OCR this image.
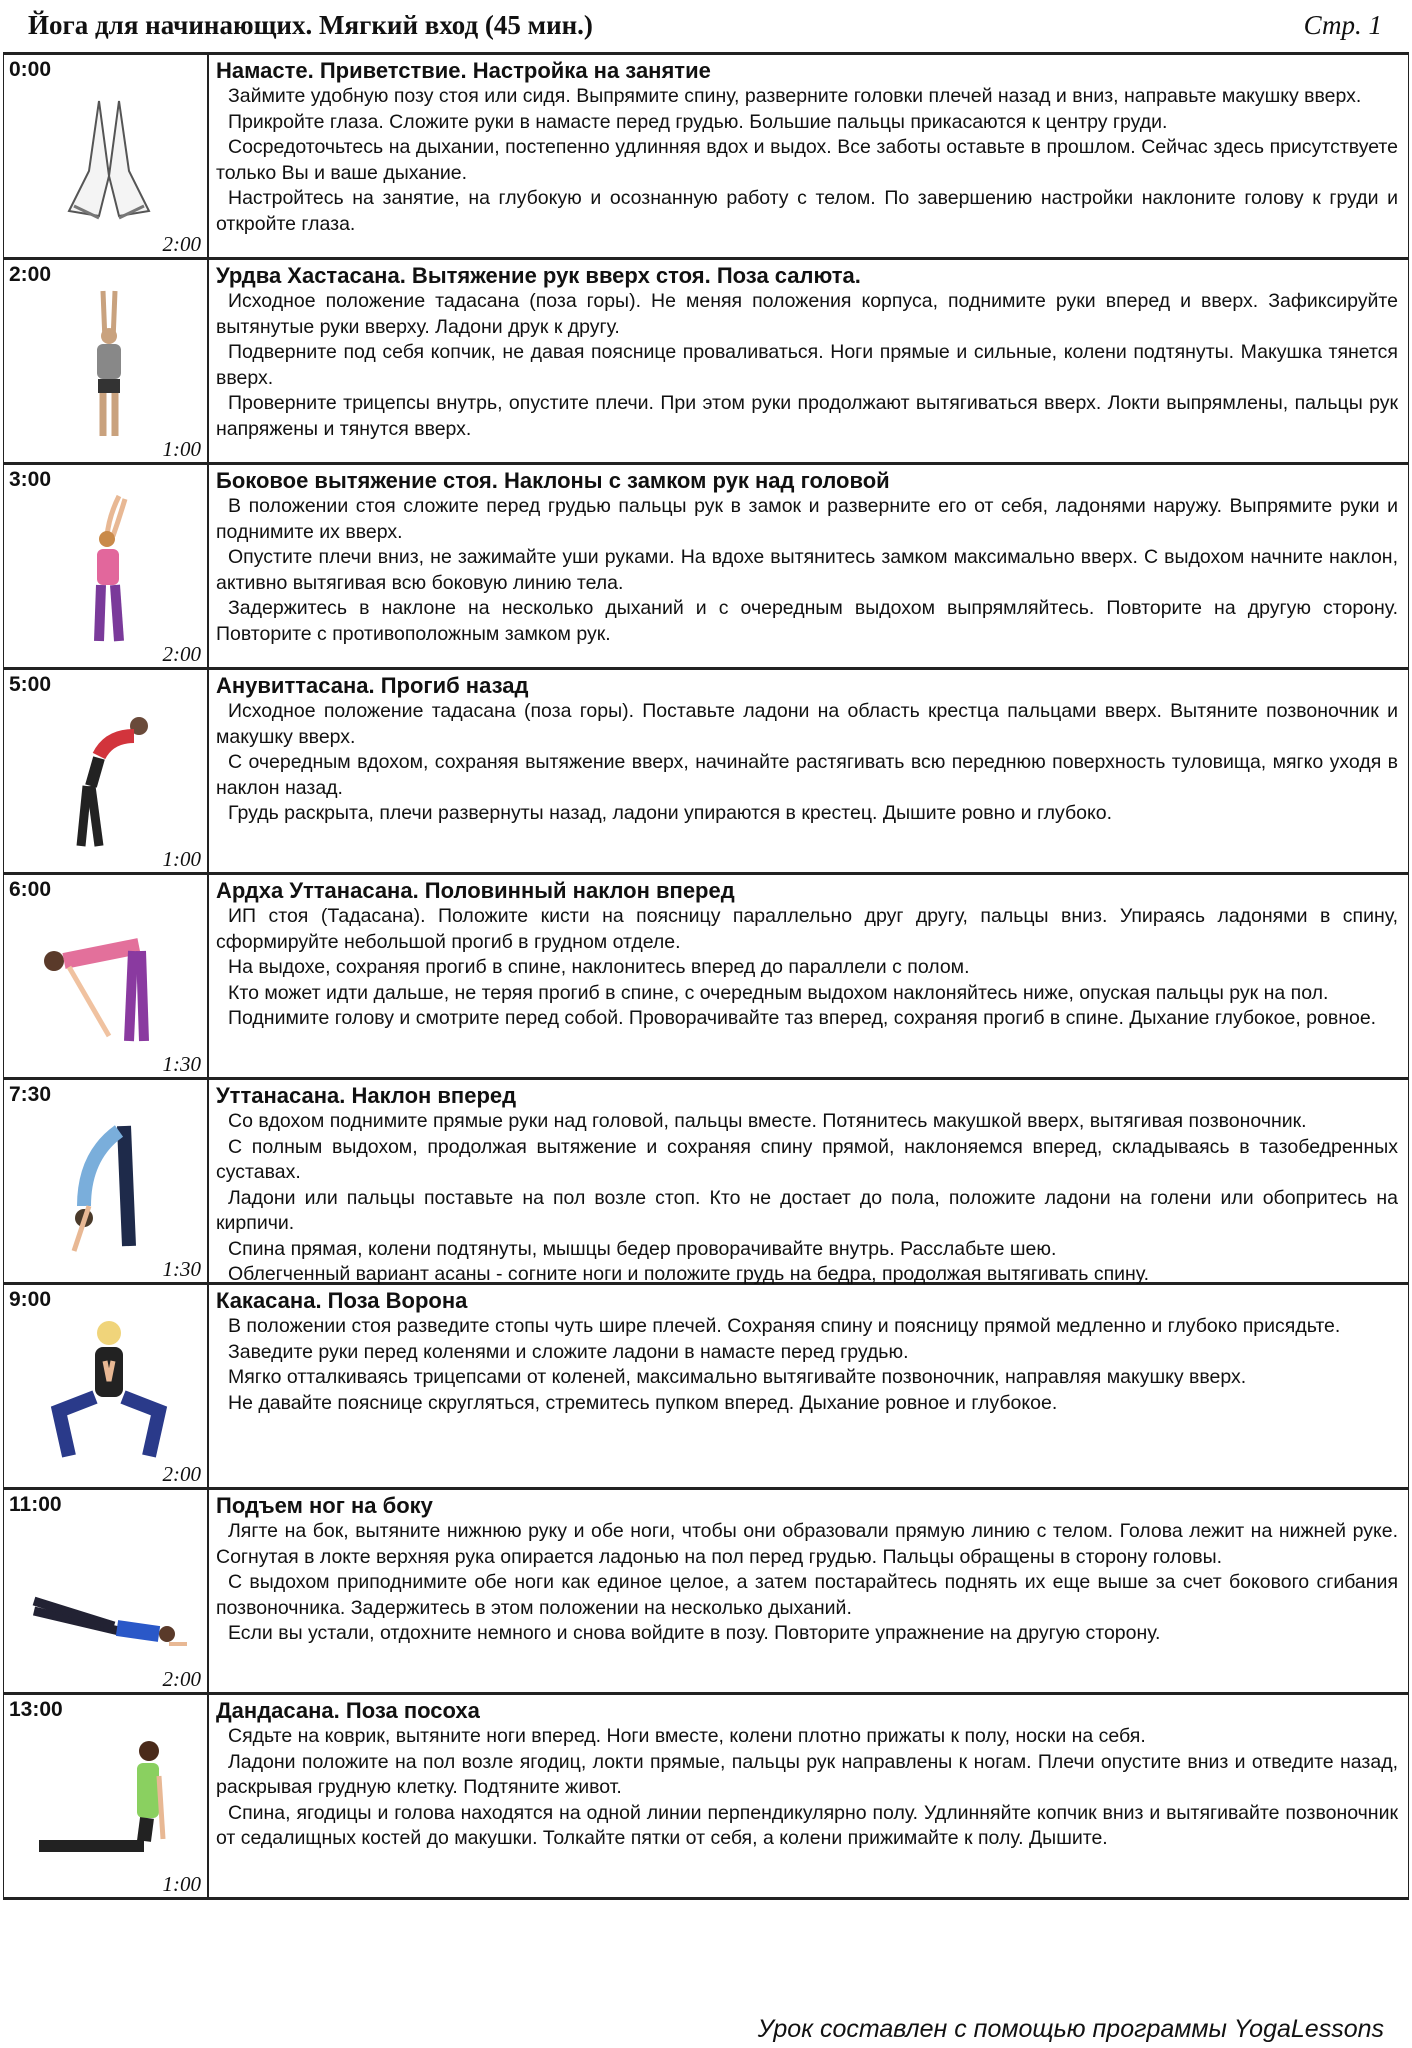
Йога для начинающих. Мягкий вход (45 мин.)	Стр. 1
0:00
2:00
Намасте. Приветствие. Настройка на занятие

Займите удобную позу стоя или сидя. Выпрямите спину, разверните головки плечей назад и вниз, направьте макушку вверх.

Прикройте глаза. Сложите руки в намасте перед грудью. Большие пальцы прикасаются к центру груди.

Сосредоточьтесь на дыхании, постепенно удлинняя вдох и выдох. Все заботы оставьте в прошлом. Сейчас здесь присутствуете только Вы и ваше дыхание.

Настройтесь на занятие, на глубокую и осознанную работу с телом. По завершению настройки наклоните голову к груди и откройте глаза.

2:00
1:00
Урдва Хастасана. Вытяжение рук вверх стоя. Поза салюта.

Исходное положение тадасана (поза горы). Не меняя положения корпуса, поднимите руки вперед и вверх. Зафиксируйте вытянутые руки вверху. Ладони друк к другу.

Подверните под себя копчик, не давая пояснице проваливаться. Ноги прямые и сильные, колени подтянуты. Макушка тянется вверх.

Проверните трицепсы внутрь, опустите плечи. При этом руки продолжают вытягиваться вверх. Локти выпрямлены, пальцы рук напряжены и тянутся вверх.

3:00
2:00
Боковое вытяжение стоя. Наклоны с замком рук над головой

В положении стоя сложите перед грудью пальцы рук в замок и разверните его от себя, ладонями наружу. Выпрямите руки и поднимите их вверх.

Опустите плечи вниз, не зажимайте уши руками. На вдохе вытянитесь замком максимально вверх. С выдохом начните наклон, активно вытягивая всю боковую линию тела.

Задержитесь в наклоне на несколько дыханий и с очередным выдохом выпрямляйтесь. Повторите на другую сторону. Повторите с противоположным замком рук.

5:00
1:00
Анувиттасана. Прогиб назад

Исходное положение тадасана (поза горы). Поставьте ладони на область крестца пальцами вверх. Вытяните позвоночник и макушку вверх.

С очередным вдохом, сохраняя вытяжение вверх, начинайте растягивать всю переднюю поверхность туловища, мягко уходя в наклон назад.

Грудь раскрыта, плечи развернуты назад, ладони упираются в крестец. Дышите ровно и глубоко.

6:00
1:30
Ардха Уттанасана. Половинный наклон вперед

ИП стоя (Тадасана). Положите кисти на поясницу параллельно друг другу, пальцы вниз. Упираясь ладонями в спину, сформируйте небольшой прогиб в грудном отделе.

На выдохе, сохраняя прогиб в спине, наклонитесь вперед до параллели с полом.

Кто может идти дальше, не теряя прогиб в спине, с очередным выдохом наклоняйтесь ниже, опуская пальцы рук на пол.

Поднимите голову и смотрите перед собой. Проворачивайте таз вперед, сохраняя прогиб в спине. Дыхание глубокое, ровное.

7:30
1:30
Уттанасана. Наклон вперед

Со вдохом поднимите прямые руки над головой, пальцы вместе. Потянитесь макушкой вверх, вытягивая позвоночник.

С полным выдохом, продолжая вытяжение и сохраняя спину прямой, наклоняемся вперед, складываясь в тазобедренных суставах.

Ладони или пальцы поставьте на пол возле стоп. Кто не достает до пола, положите ладони на голени или обопритесь на кирпичи.

Спина прямая, колени подтянуты, мышцы бедер проворачивайте внутрь. Расслабьте шею.

Облегченный вариант асаны - согните ноги и положите грудь на бедра, продолжая вытягивать спину.

9:00
2:00
Какасана. Поза Ворона

В положении стоя разведите стопы чуть шире плечей. Сохраняя спину и поясницу прямой медленно и глубоко присядьте.

Заведите руки перед коленями и сложите ладони в намасте перед грудью.

Мягко отталкиваясь трицепсами от коленей, максимально вытягивайте позвоночник, направляя макушку вверх.

Не давайте пояснице скругляться, стремитесь пупком вперед. Дыхание ровное и глубокое.

11:00
2:00
Подъем ног на боку

Лягте на бок, вытяните нижнюю руку и обе ноги, чтобы они образовали прямую линию с телом. Голова лежит на нижней руке. Согнутая в локте верхняя рука опирается ладонью на пол перед грудью. Пальцы обращены в сторону головы.

С выдохом приподнимите обе ноги как единое целое, а затем постарайтесь поднять их еще выше за счет бокового сгибания позвоночника. Задержитесь в этом положении на несколько дыханий.

Если вы устали, отдохните немного и снова войдите в позу. Повторите упражнение на другую сторону.

13:00
1:00
Дандасана. Поза посоха

Сядьте на коврик, вытяните ноги вперед. Ноги вместе, колени плотно прижаты к полу, носки на себя.

Ладони положите на пол возле ягодиц, локти прямые, пальцы рук направлены к ногам. Плечи опустите вниз и отведите назад, раскрывая грудную клетку. Подтяните живот.

Спина, ягодицы и голова находятся на одной линии перпендикулярно полу. Удлинняйте копчик вниз и вытягивайте позвоночник от седалищных костей до макушки. Толкайте пятки от себя, а колени прижимайте к полу. Дышите.

Урок составлен с помощью программы YogaLessons
